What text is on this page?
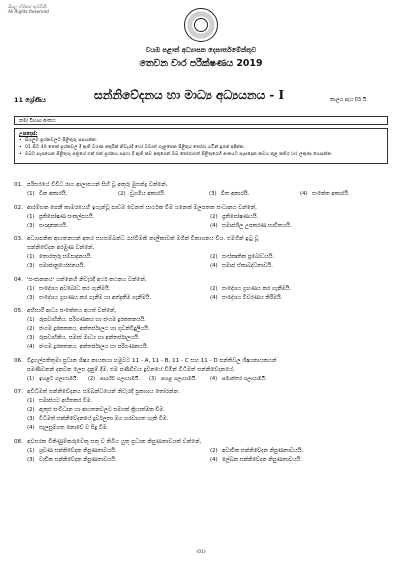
සියලු හිමිකම් ඇවිරිණි
All Rights Reserved
වයඹ පළාත් අධ්‍යාපන දෙපාර්තමේන්තුව
තෙවන වාර පරීක්ෂණය 2019
11 ශ්‍රේණිය	සන්නිවේදනය හා මාධ්‍ය අධ්‍යයනය - I	කාලය පැය 03 යි.
නම/ විභාග අංකය:
උපදෙස්:
• සියලුම ප්‍රශ්නවලට පිළිතුරු සපයන්න.
• 01 සිට 40 තෙක් ප්‍රශ්නවල දී ඇති වරණ අතුරින් නිවැරදි හෝ වඩාත් ගැළපෙන පිළිතුර තෝරා යටින් ඉරක් අඳින්න.
• ඔබට සැපයෙන පිළිතුරු පත්‍රයේ එක් එක් ප්‍රශ්නය සඳහා දී ඇති කව අතුරෙන් ඔබ තෝරාගත් පිළිතුරෙහි අංකයට සැසඳෙන කවය තුළ කතිර (x) ලකුණ යොදන්න.
01. පරිසරයේ විවිධ රාග ආලාපයන් සිහි වූ අකුරු මුසන්ද්‍ර වන්නේ,
(1) වින අකාරයි.	(2) ඩුගමීය අකාරයි.	(3) විත අකාරයි.	(4) සංකේත අකාරයි.
02. ආරම්භක පෙනී කාමරයෙහි ඉගැන්වූ පාඩම වෙනත් සාර්ථක විම යනෙක් මලපතක සංධානය වන්නේ,
(1) ප්‍රතිපෝෂණ සංකල්පයයි.	(2) ප්‍රතිපෝෂණයයි.
(3) සංඥානනයයි.	(4) සමාජශීල උපකරණ භාවිතයයි.
03. අධ්‍යාපනික ආයතනයන් අතර සහසම්බන්ධ රැස්වීමකි නාලිකාවක් මගින් විකාශනය වීය. එමගින් ඉටු වූ
සන්නිවේදන අරමුණ වන්නේ,
(1) තොරතුරු සම්පාදනයයි.	(2) සංස්කෘතික ප්‍රබෝධයයි.
(3) සමාජානුයෝජනයයි.	(4) සමාජ ඒකාබද්ධතාවයි.
04. 'සංජානනය' යන්නෙහි නිවැරදි අර්ථ කථනය වන්නේ,
(1) සංදේශය අවබෝධ කර ගැනීමයි.	(2) සංදේශය ග්‍රහණය කර ගැනීමයි.
(3) සංදේශය ග්‍රහණය කර ගැනීම හා අත්දැකීම ගැනීමයි.	(4) සංදේශය විවරණය කිරීමයි.
05. අභිසාරී ආධ්‍ය සංකේතය අයත් වන්නේ,
(1) රූපවාහිනිය, පරිගණකය හා ජංගම දුරකතනයයි.
(2) ජංගම දුරකතනය, අන්තර්ජාලය හා ගුවන්විදුලියයි.
(3) රූපවාහිනිය, සමාජ මාධ්‍ය හා අන්තර්ජාලයයි.
(4) ජංගම දුරකතනය, අන්තර්ජාලය හා පරිගණකයයි.
06. විදුහල්පතිතුමා ප්‍රධාන ශිෂ්‍ය නායකයා හමුවට 11 - A, 11 - B, 11 - C සහ 11 - D පන්තිවල ශිෂ්‍යනායකයන්
පමණිවනන් දනවන ලෙස දැනුම් දීම. එම පණිවිඩය දුවනයේ විමින් විධිමත් සන්නිවේදනයේ,
(1) ඉහළට ගලායාමයි.	(2) පාර්ශ්ව ගලායාමයි.	(3) පහළ ගලායාමයි.	(4) සමාන්තර ගලායාමයි.
07. අවිධිමත් සන්නිවේදනය සම්බන්ධයෙන් නිවැරදි ප්‍රකාශය තෝරන්න.
(1) සමාජයට අහිතකර වීම.
(2) ඇතුළු සංවිධාන හා ආයතනවලට සමගක් ක්‍රියාත්මක වීම.
(3) විධිමත් සන්නිවේදනයේ දුර්වලතා මග හරවාගත හැකි වීම.
(4) සැලසුම්ගත නොවේ ව සිදු වීම.
08. අවසරක විකිණුම්කරුවෙකු සතු ව තිබිය යුතු ප්‍රධාන නිපුණතාවයක් වන්නේ,
(1) ශ්‍රවණ සන්නිවේදන නිපුණතාවයයි.	(2) අවාචික සන්නිවේදන නිපුණතාවයයි.
(3) වාචික සන්නිවේදන නිපුණතාවයයි.	(4) ලේඛන සන්නිවේදන නිපුණතාවයයි.
(01)
